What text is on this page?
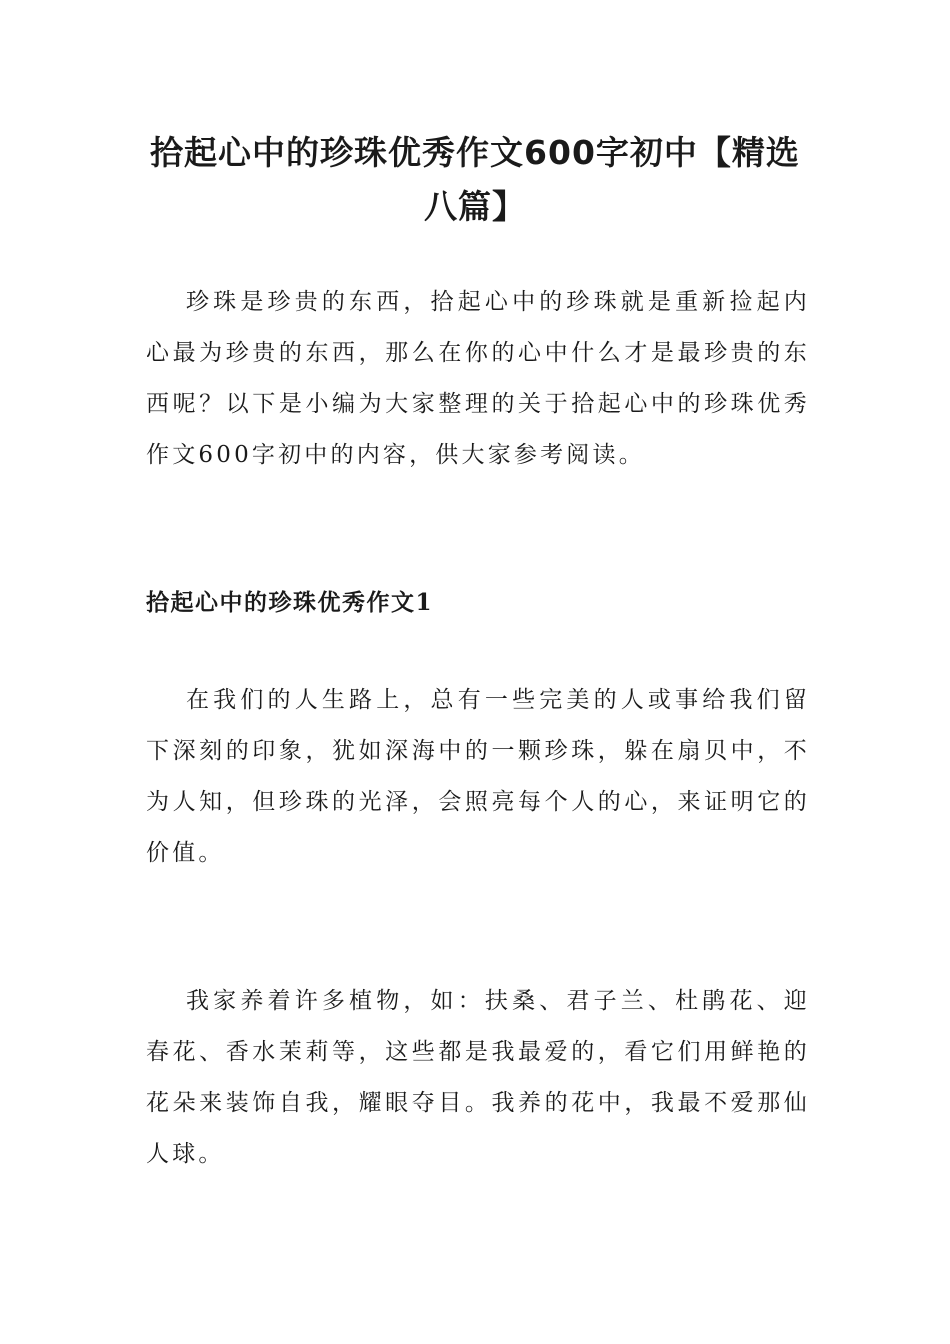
拾起心中的珍珠优秀作文600字初中【精选八篇】

珍珠是珍贵的东西，拾起心中的珍珠就是重新捡起内心最为珍贵的东西，那么在你的心中什么才是最珍贵的东西呢？以下是小编为大家整理的关于拾起心中的珍珠优秀作文600字初中的内容，供大家参考阅读。

拾起心中的珍珠优秀作文1

在我们的人生路上，总有一些完美的人或事给我们留下深刻的印象，犹如深海中的一颗珍珠，躲在扇贝中，不为人知，但珍珠的光泽，会照亮每个人的心，来证明它的价值。

我家养着许多植物，如：扶桑、君子兰、杜鹃花、迎春花、香水茉莉等，这些都是我最爱的，看它们用鲜艳的花朵来装饰自我，耀眼夺目。我养的花中，我最不爱那仙人球。
